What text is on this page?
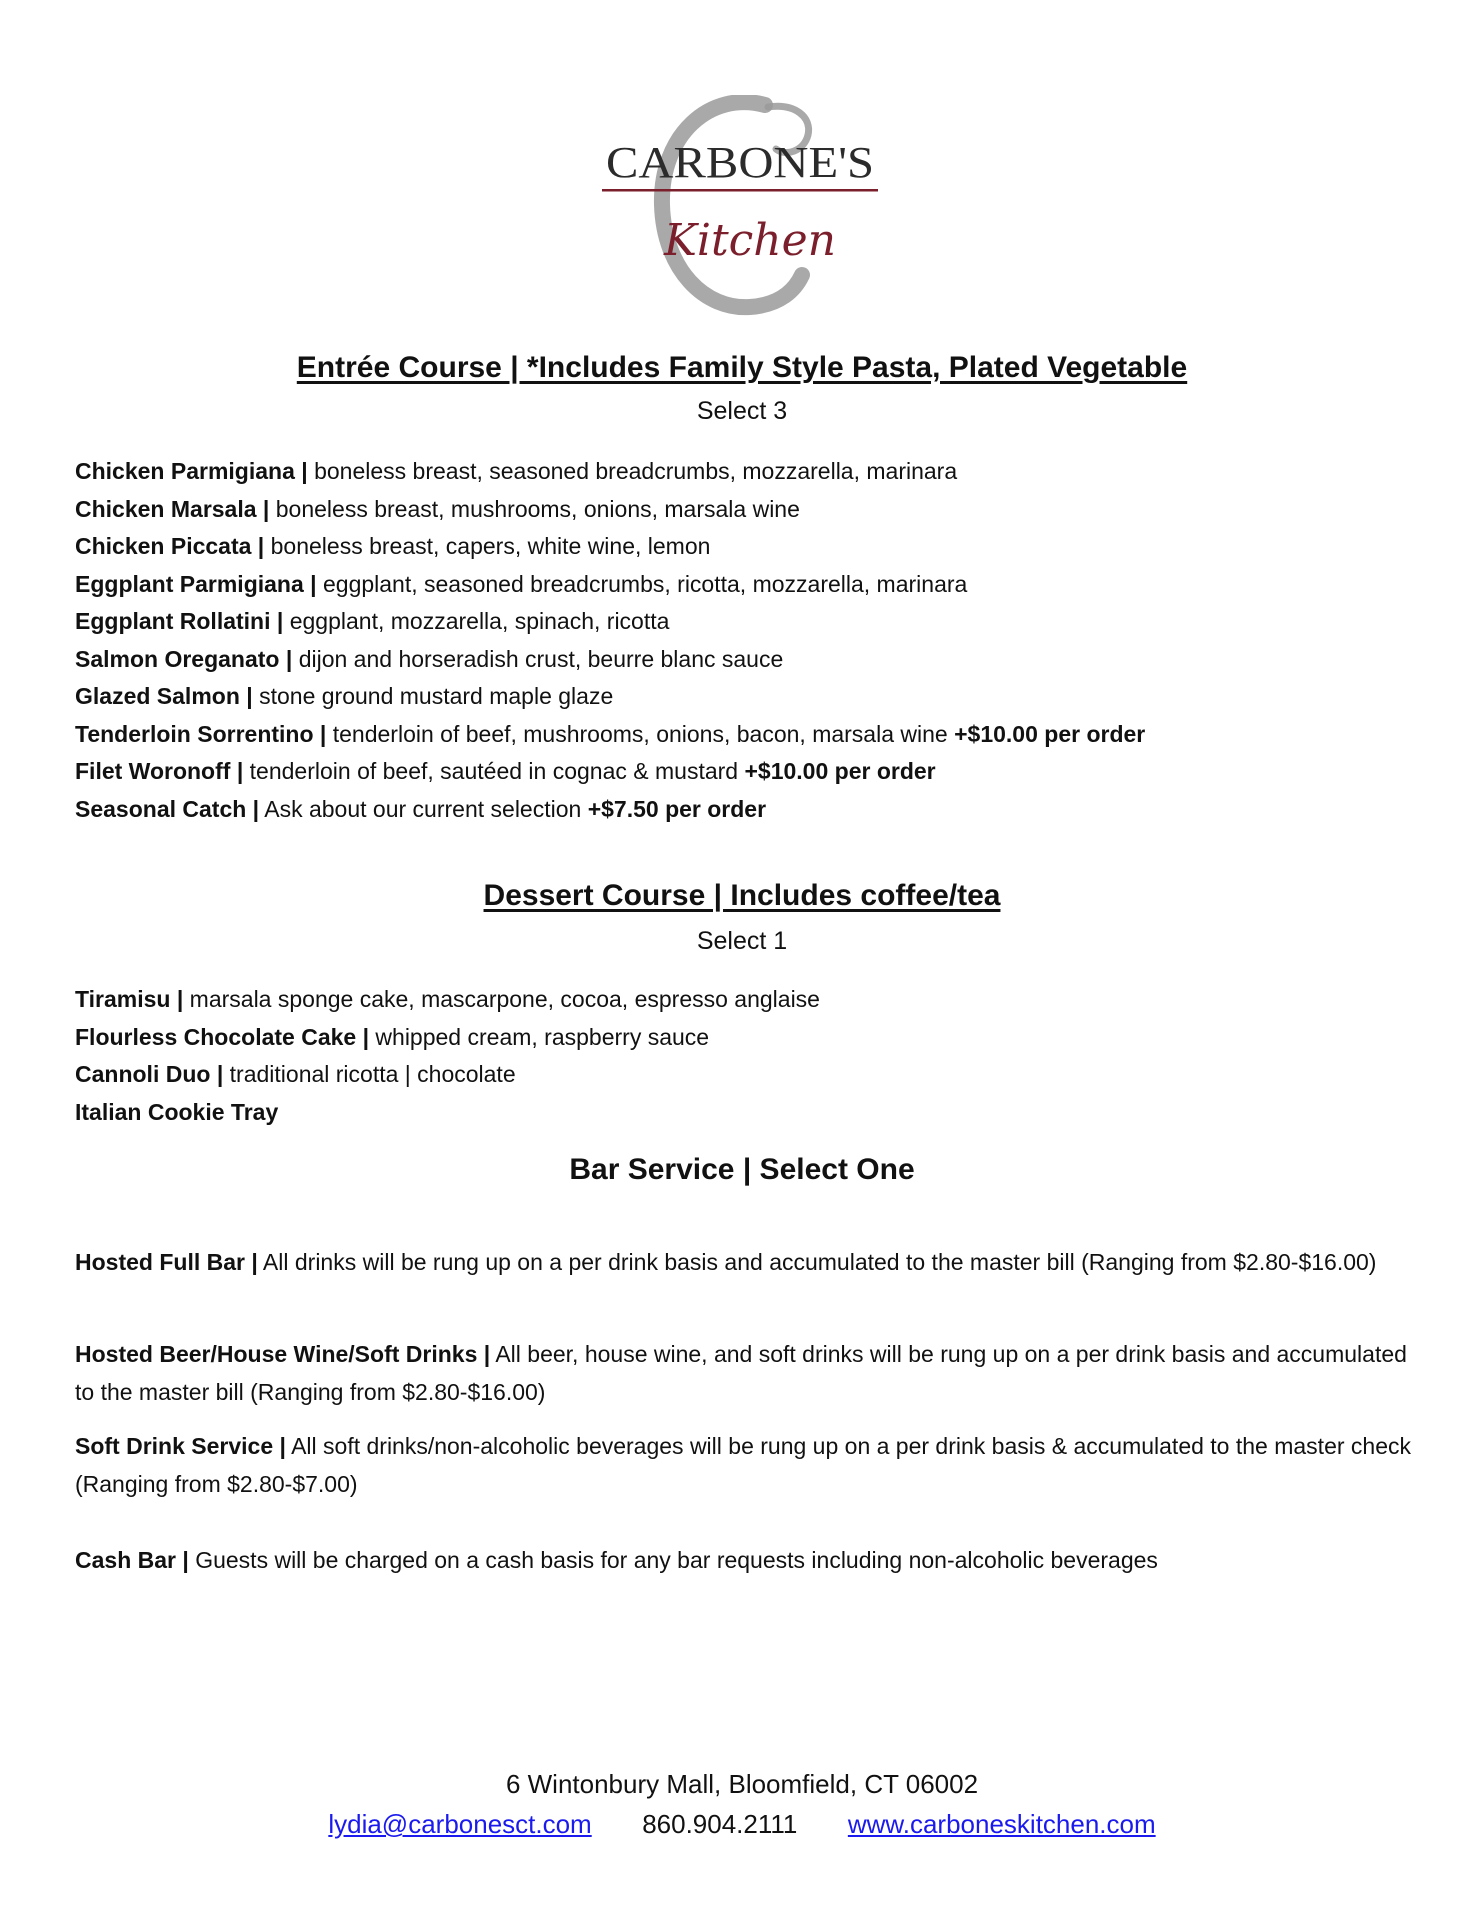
CARBONE'S
Kitchen
Entrée Course | *Includes Family Style Pasta, Plated Vegetable
Select 3
Chicken Parmigiana | boneless breast, seasoned breadcrumbs, mozzarella, marinara
Chicken Marsala | boneless breast, mushrooms, onions, marsala wine
Chicken Piccata | boneless breast, capers, white wine, lemon
Eggplant Parmigiana | eggplant, seasoned breadcrumbs, ricotta, mozzarella, marinara
Eggplant Rollatini | eggplant, mozzarella, spinach, ricotta
Salmon Oreganato | dijon and horseradish crust, beurre blanc sauce
Glazed Salmon | stone ground mustard maple glaze
Tenderloin Sorrentino | tenderloin of beef, mushrooms, onions, bacon, marsala wine +$10.00 per order
Filet Woronoff | tenderloin of beef, sautéed in cognac & mustard +$10.00 per order
Seasonal Catch | Ask about our current selection +$7.50 per order
Dessert Course | Includes coffee/tea
Select 1
Tiramisu | marsala sponge cake, mascarpone, cocoa, espresso anglaise
Flourless Chocolate Cake | whipped cream, raspberry sauce
Cannoli Duo | traditional ricotta | chocolate
Italian Cookie Tray
Bar Service | Select One
Hosted Full Bar | All drinks will be rung up on a per drink basis and accumulated to the master bill (Ranging from $2.80-$16.00)
Hosted Beer/House Wine/Soft Drinks | All beer, house wine, and soft drinks will be rung up on a per drink basis and accumulated to the master bill (Ranging from $2.80-$16.00)
Soft Drink Service | All soft drinks/non-alcoholic beverages will be rung up on a per drink basis & accumulated to the master check (Ranging from $2.80-$7.00)
Cash Bar | Guests will be charged on a cash basis for any bar requests including non-alcoholic beverages
6 Wintonbury Mall, Bloomfield, CT 06002
lydia@carbonesct.com 860.904.2111 www.carboneskitchen.com
